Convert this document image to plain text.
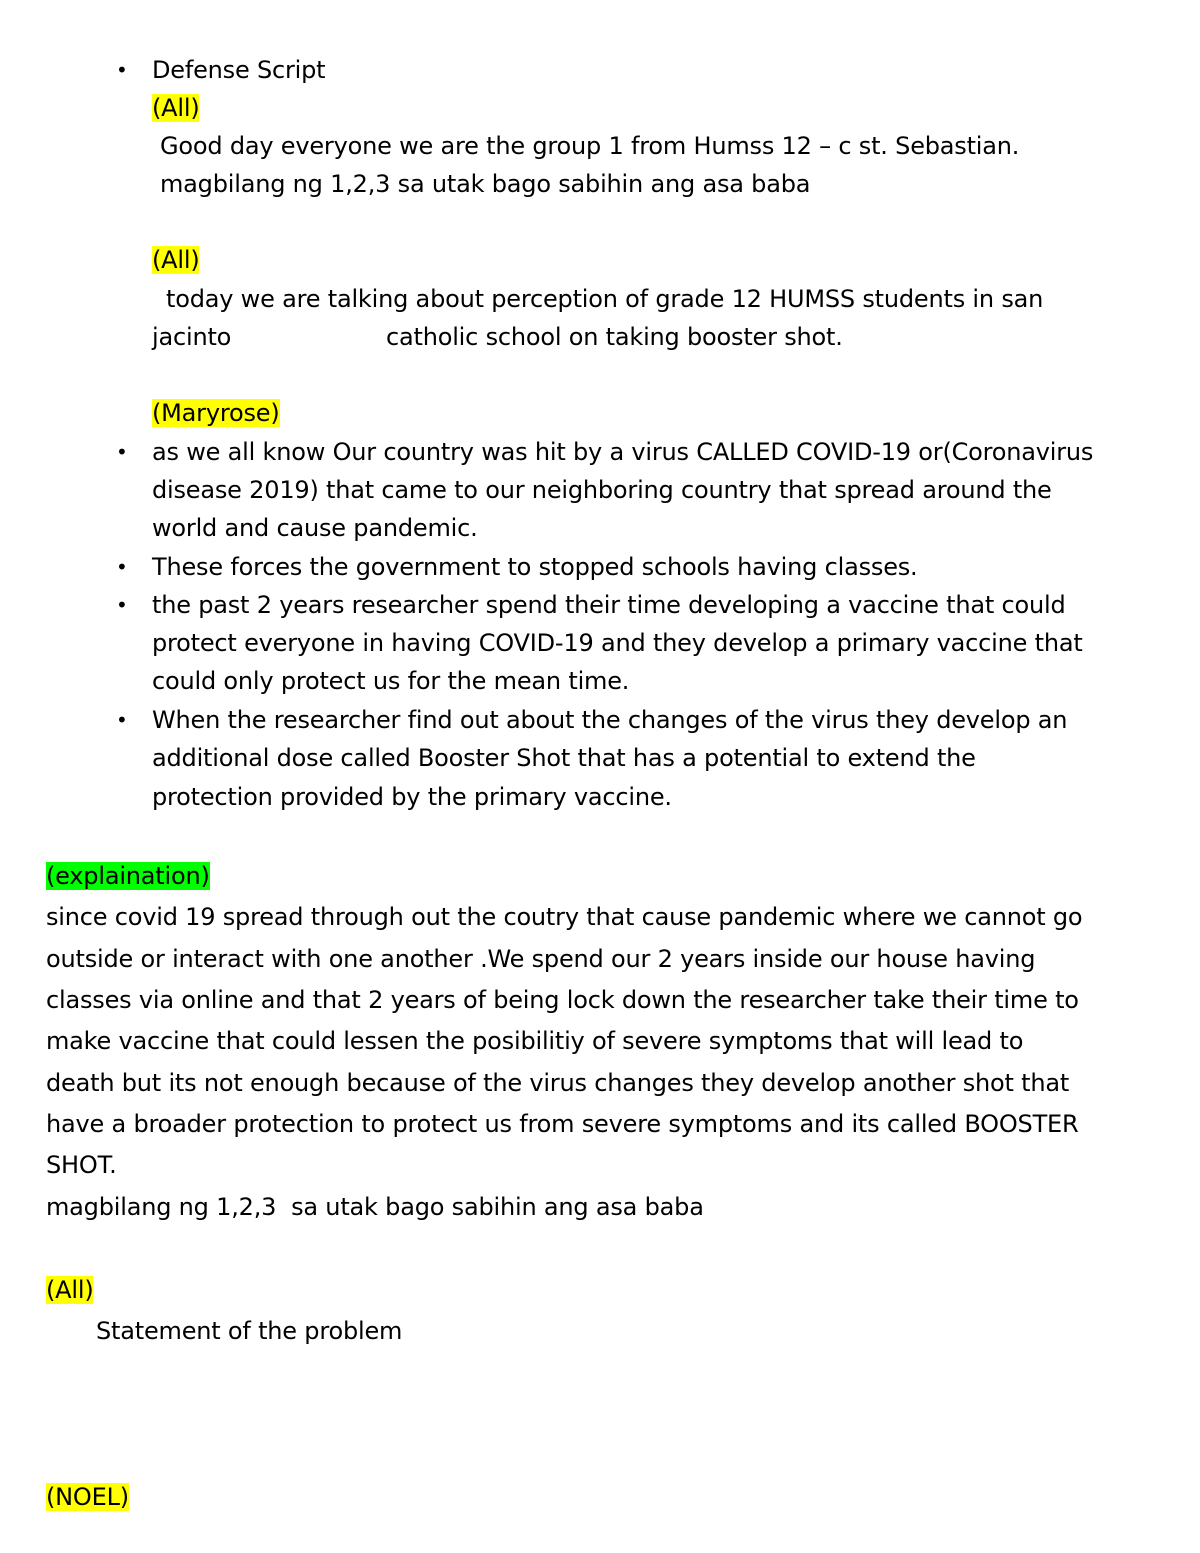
• Defense Script
(All)
Good day everyone we are the group 1 from Humss 12 – c st. Sebastian.
magbilang ng 1,2,3 sa utak bago sabihin ang asa baba
(All)
today we are talking about perception of grade 12 HUMSS students in san
jacinto	catholic school on taking booster shot.
(Maryrose)
• as we all know Our country was hit by a virus CALLED COVID-19 or(Coronavirus
disease 2019) that came to our neighboring country that spread around the
world and cause pandemic.
• These forces the government to stopped schools having classes.
• the past 2 years researcher spend their time developing a vaccine that could
protect everyone in having COVID-19 and they develop a primary vaccine that
could only protect us for the mean time.
• When the researcher find out about the changes of the virus they develop an
additional dose called Booster Shot that has a potential to extend the
protection provided by the primary vaccine.
(explaination)
since covid 19 spread through out the coutry that cause pandemic where we cannot go
outside or interact with one another .We spend our 2 years inside our house having
classes via online and that 2 years of being lock down the researcher take their time to
make vaccine that could lessen the posibilitiy of severe symptoms that will lead to
death but its not enough because of the virus changes they develop another shot that
have a broader protection to protect us from severe symptoms and its called BOOSTER
SHOT.
magbilang ng 1,2,3  sa utak bago sabihin ang asa baba
(All)
Statement of the problem
(NOEL)
